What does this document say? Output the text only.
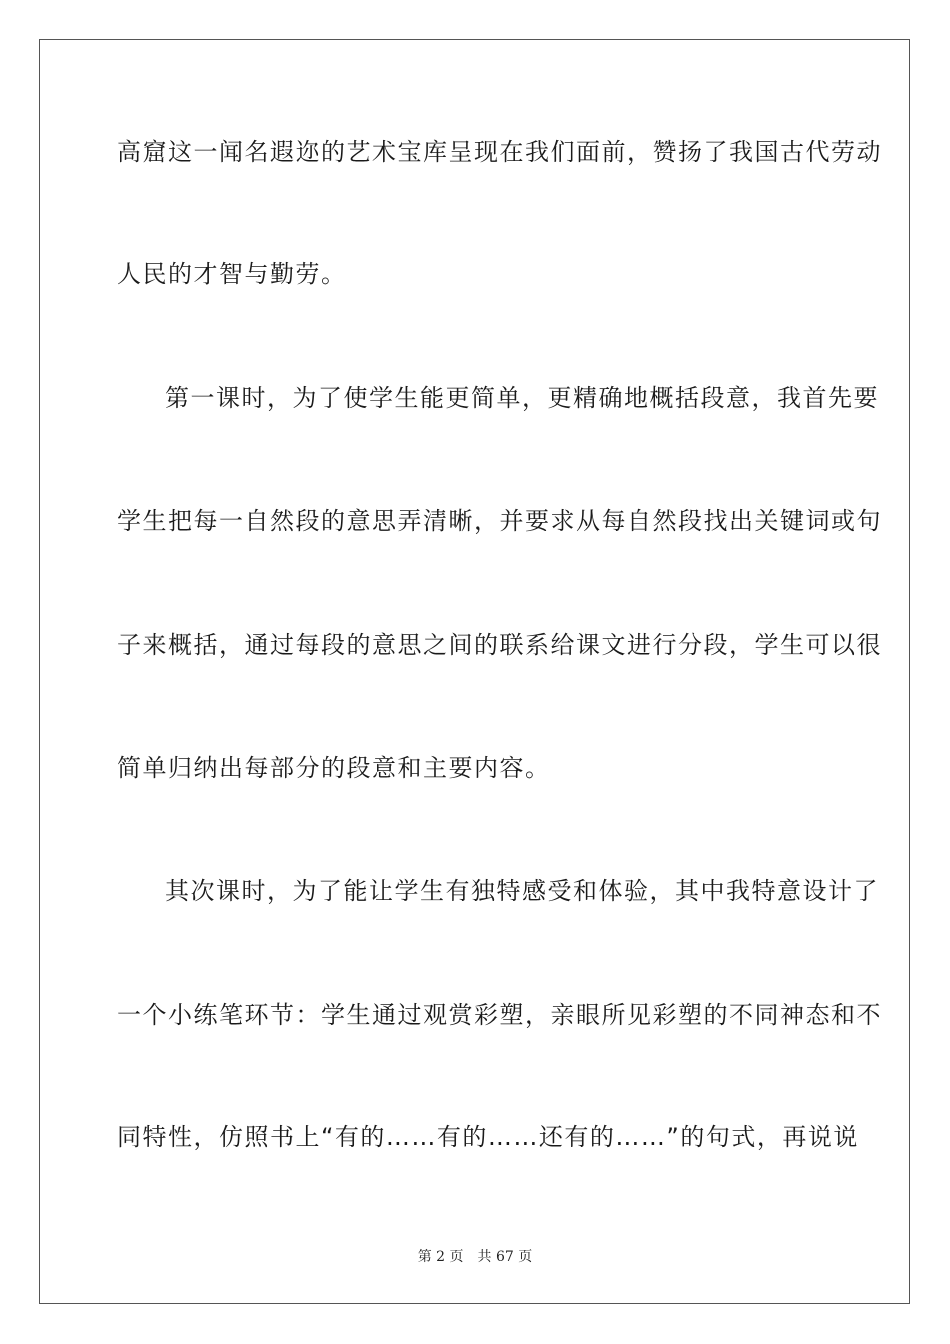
高窟这一闻名遐迩的艺术宝库呈现在我们面前，赞扬了我国古代劳动
人民的才智与勤劳。
第一课时，为了使学生能更简单，更精确地概括段意，我首先要
学生把每一自然段的意思弄清晰，并要求从每自然段找出关键词或句
子来概括，通过每段的意思之间的联系给课文进行分段，学生可以很
简单归纳出每部分的段意和主要内容。
其次课时，为了能让学生有独特感受和体验，其中我特意设计了
一个小练笔环节：学生通过观赏彩塑，亲眼所见彩塑的不同神态和不
同特性，仿照书上“有的……有的……还有的……”的句式，再说说
第 2 页 共 67 页
